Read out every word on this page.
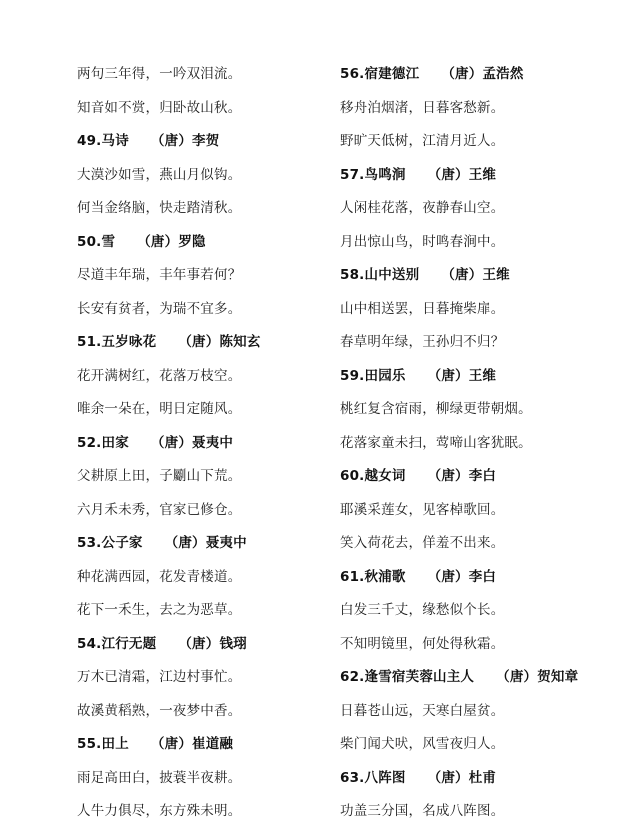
两句三年得，一吟双泪流。
知音如不赏，归卧故山秋。
49.马诗 （唐）李贺
大漠沙如雪，燕山月似钩。
何当金络脑，快走踏清秋。
50.雪 （唐）罗隐
尽道丰年瑞，丰年事若何？
长安有贫者，为瑞不宜多。
51.五岁咏花 （唐）陈知玄
花开满树红，花落万枝空。
唯余一朵在，明日定随风。
52.田家 （唐）聂夷中
父耕原上田，子劚山下荒。
六月禾未秀，官家已修仓。
53.公子家 （唐）聂夷中
种花满西园，花发青楼道。
花下一禾生，去之为恶草。
54.江行无题 （唐）钱珝
万木已清霜，江边村事忙。
故溪黄稻熟，一夜梦中香。
55.田上 （唐）崔道融
雨足高田白，披蓑半夜耕。
人牛力俱尽，东方殊未明。
56.宿建德江 （唐）孟浩然
移舟泊烟渚，日暮客愁新。
野旷天低树，江清月近人。
57.鸟鸣涧 （唐）王维
人闲桂花落，夜静春山空。
月出惊山鸟，时鸣春涧中。
58.山中送别 （唐）王维
山中相送罢，日暮掩柴扉。
春草明年绿，王孙归不归？
59.田园乐 （唐）王维
桃红复含宿雨，柳绿更带朝烟。
花落家童未扫，莺啼山客犹眠。
60.越女词 （唐）李白
耶溪采莲女，见客棹歌回。
笑入荷花去，佯羞不出来。
61.秋浦歌 （唐）李白
白发三千丈，缘愁似个长。
不知明镜里，何处得秋霜。
62.逢雪宿芙蓉山主人 （唐）贺知章
日暮苍山远，天寒白屋贫。
柴门闻犬吠，风雪夜归人。
63.八阵图 （唐）杜甫
功盖三分国，名成八阵图。
